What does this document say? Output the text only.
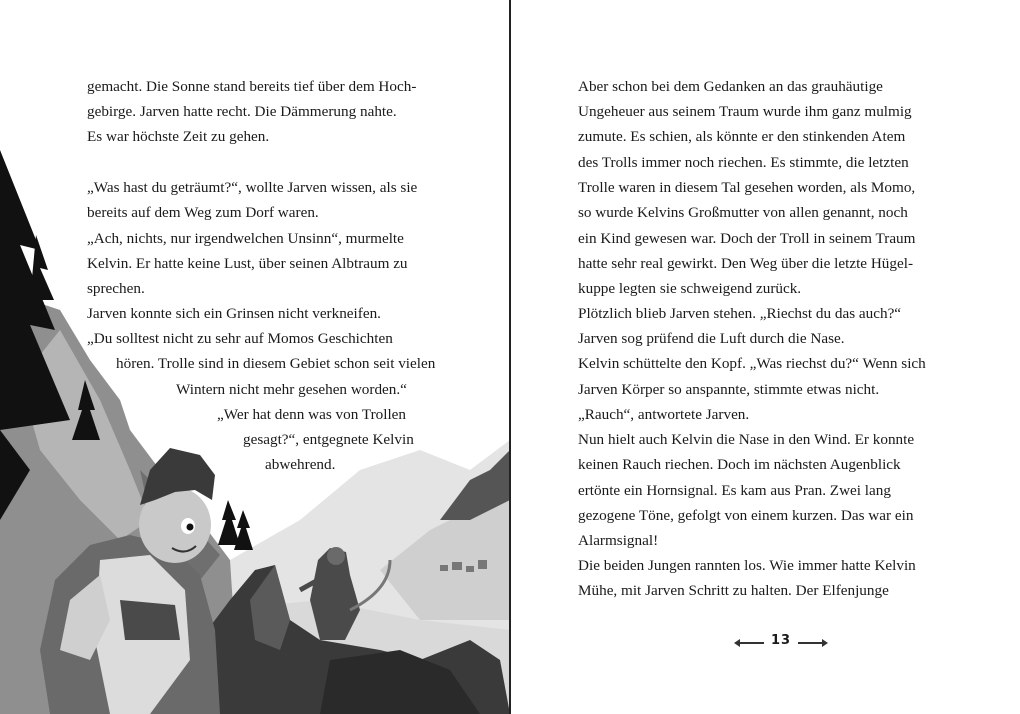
gemacht. Die Sonne stand bereits tief über dem Hoch-
gebirge. Jarven hatte recht. Die Dämmerung nahte.
Es war höchste Zeit zu gehen.
„Was hast du geträumt?“, wollte Jarven wissen, als sie
bereits auf dem Weg zum Dorf waren.
„Ach, nichts, nur irgendwelchen Unsinn“, murmelte
Kelvin. Er hatte keine Lust, über seinen Albtraum zu
sprechen.
Jarven konnte sich ein Grinsen nicht verkneifen.
„Du solltest nicht zu sehr auf Momos Geschichten
hören. Trolle sind in diesem Gebiet schon seit vielen
Wintern nicht mehr gesehen worden.“
„Wer hat denn was von Trollen
gesagt?“, entgegnete Kelvin
abwehrend.
Aber schon bei dem Gedanken an das grauhäutige
Ungeheuer aus seinem Traum wurde ihm ganz mulmig
zumute. Es schien, als könnte er den stinkenden Atem
des Trolls immer noch riechen. Es stimmte, die letzten
Trolle waren in diesem Tal gesehen worden, als Momo,
so wurde Kelvins Großmutter von allen genannt, noch
ein Kind gewesen war. Doch der Troll in seinem Traum
hatte sehr real gewirkt. Den Weg über die letzte Hügel-
kuppe legten sie schweigend zurück.
Plötzlich blieb Jarven stehen. „Riechst du das auch?“
Jarven sog prüfend die Luft durch die Nase.
Kelvin schüttelte den Kopf. „Was riechst du?“ Wenn sich
Jarven Körper so anspannte, stimmte etwas nicht.
„Rauch“, antwortete Jarven.
Nun hielt auch Kelvin die Nase in den Wind. Er konnte
keinen Rauch riechen. Doch im nächsten Augenblick
ertönte ein Hornsignal. Es kam aus Pran. Zwei lang
gezogene Töne, gefolgt von einem kurzen. Das war ein
Alarmsignal!
Die beiden Jungen rannten los. Wie immer hatte Kelvin
Mühe, mit Jarven Schritt zu halten. Der Elfenjunge
13
